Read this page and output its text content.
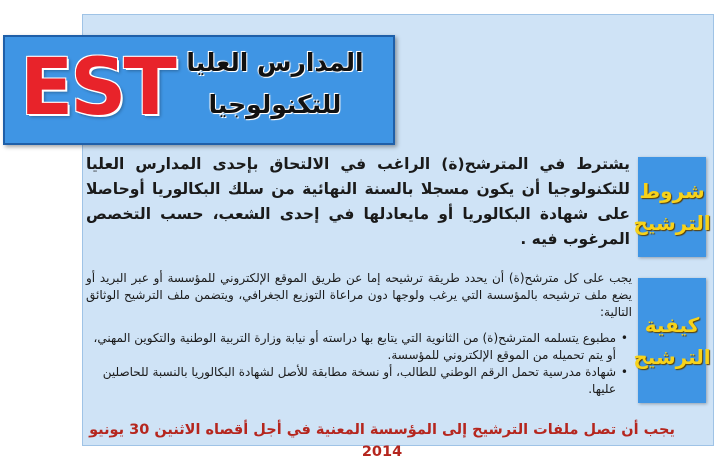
EST المدارس العليا
للتكنولوجيا
شروط
الترشيح
كيفية
الترشيح

يشترط في المترشح(ة) الراغب في الالتحاق بإحدى المدارس العليا للتكنولوجيا أن يكون مسجلا بالسنة النهائية من سلك البكالوريا أوحاصلا على شهادة البكالوريا أو مايعادلها في إحدى الشعب، حسب التخصص المرغوب فيه .

يجب على كل مترشح(ة) أن يحدد طريقة ترشيحه إما عن طريق الموقع الإلكتروني للمؤسسة أو عبر البريد أو يضع ملف ترشيحه بالمؤسسة التي يرغب ولوجها دون مراعاة التوزيع الجغرافي، ويتضمن ملف الترشيح الوثائق التالية:

• مطبوع يتسلمه المترشح(ة) من الثانوية التي يتابع بها دراسته أو نيابة وزارة التربية الوطنية والتكوين المهني، أو يتم تحميله من الموقع الإلكتروني للمؤسسة.
• شهادة مدرسية تحمل الرقم الوطني للطالب، أو نسخة مطابقة للأصل لشهادة البكالوريا بالنسبة للحاصلين عليها.
يجب أن تصل ملفات الترشيح إلى المؤسسة المعنية في أجل أقصاه الاثنين 30 يونيو 2014
